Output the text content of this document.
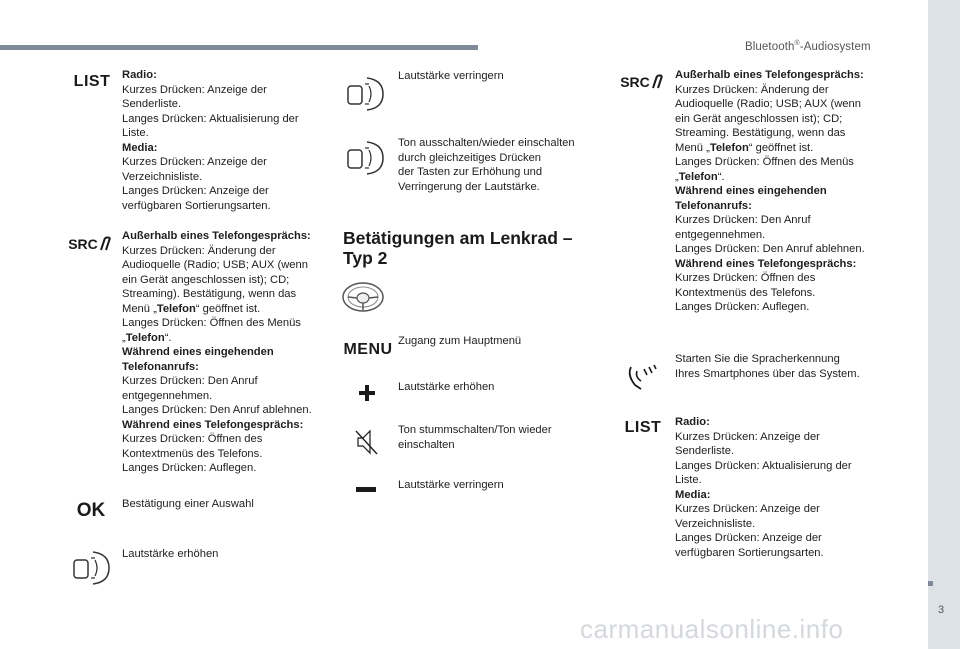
Bluetooth®-Audiosystem
3
carmanualsonline.info
LIST Radio:
Kurzes Drücken: Anzeige der
Senderliste.
Langes Drücken: Aktualisierung der
Liste.
Media:
Kurzes Drücken: Anzeige der
Verzeichnisliste.
Langes Drücken: Anzeige der
verfügbaren Sortierungsarten.
SRC Außerhalb eines Telefongesprächs:
Kurzes Drücken: Änderung der
Audioquelle (Radio; USB; AUX (wenn
ein Gerät angeschlossen ist); CD;
Streaming). Bestätigung, wenn das
Menü „Telefon“ geöffnet ist.
Langes Drücken: Öffnen des Menüs
„Telefon“.
Während eines eingehenden
Telefonanrufs:
Kurzes Drücken: Den Anruf
entgegennehmen.
Langes Drücken: Den Anruf ablehnen.
Während eines Telefongesprächs:
Kurzes Drücken: Öffnen des
Kontextmenüs des Telefons.
Langes Drücken: Auflegen.
OK Bestätigung einer Auswahl
Lautstärke erhöhen
Lautstärke verringern
Ton ausschalten/wieder einschalten
durch gleichzeitiges Drücken
der Tasten zur Erhöhung und
Verringerung der Lautstärke.
Betätigungen am Lenkrad –
Typ 2
MENU Zugang zum Hauptmenü
Lautstärke erhöhen
Ton stummschalten/Ton wieder
einschalten
Lautstärke verringern
SRC Außerhalb eines Telefongesprächs:
Kurzes Drücken: Änderung der
Audioquelle (Radio; USB; AUX (wenn
ein Gerät angeschlossen ist); CD;
Streaming. Bestätigung, wenn das
Menü „Telefon“ geöffnet ist.
Langes Drücken: Öffnen des Menüs
„Telefon“.
Während eines eingehenden
Telefonanrufs:
Kurzes Drücken: Den Anruf
entgegennehmen.
Langes Drücken: Den Anruf ablehnen.
Während eines Telefongesprächs:
Kurzes Drücken: Öffnen des
Kontextmenüs des Telefons.
Langes Drücken: Auflegen.
Starten Sie die Spracherkennung
Ihres Smartphones über das System.
LIST Radio:
Kurzes Drücken: Anzeige der
Senderliste.
Langes Drücken: Aktualisierung der
Liste.
Media:
Kurzes Drücken: Anzeige der
Verzeichnisliste.
Langes Drücken: Anzeige der
verfügbaren Sortierungsarten.
